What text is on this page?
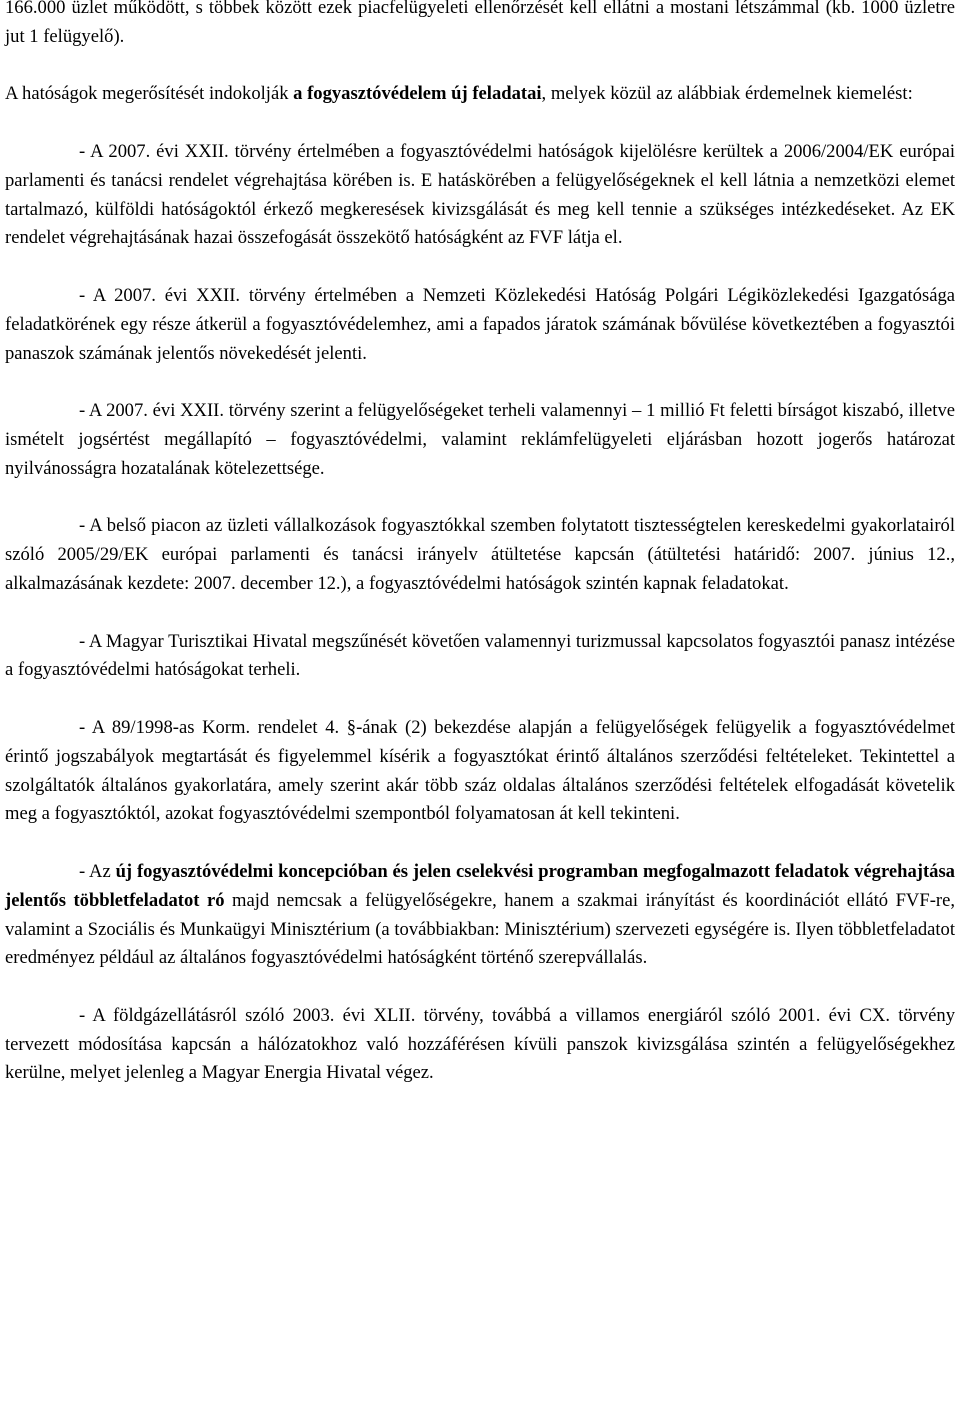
166.000 üzlet működött, s többek között ezek piacfelügyeleti ellenőrzését kell ellátni a mostani létszámmal (kb. 1000 üzletre jut 1 felügyelő).

A hatóságok megerősítését indokolják a fogyasztóvédelem új feladatai, melyek közül az alábbiak érdemelnek kiemelést:

- A 2007. évi XXII. törvény értelmében a fogyasztóvédelmi hatóságok kijelölésre kerültek a 2006/2004/EK európai parlamenti és tanácsi rendelet végrehajtása körében is. E hatáskörében a felügyelőségeknek el kell látnia a nemzetközi elemet tartalmazó, külföldi hatóságoktól érkező megkeresések kivizsgálását és meg kell tennie a szükséges intézkedéseket. Az EK rendelet végrehajtásának hazai összefogását összekötő hatóságként az FVF látja el.

- A 2007. évi XXII. törvény értelmében a Nemzeti Közlekedési Hatóság Polgári Légiközlekedési Igazgatósága feladatkörének egy része átkerül a fogyasztóvédelemhez, ami a fapados járatok számának bővülése következtében a fogyasztói panaszok számának jelentős növekedését jelenti.

- A 2007. évi XXII. törvény szerint a felügyelőségeket terheli valamennyi – 1 millió Ft feletti bírságot kiszabó, illetve ismételt jogsértést megállapító – fogyasztóvédelmi, valamint reklámfelügyeleti eljárásban hozott jogerős határozat nyilvánosságra hozatalának kötelezettsége.

- A belső piacon az üzleti vállalkozások fogyasztókkal szemben folytatott tisztességtelen kereskedelmi gyakorlatairól szóló 2005/29/EK európai parlamenti és tanácsi irányelv átültetése kapcsán (átültetési határidő: 2007. június 12., alkalmazásának kezdete: 2007. december 12.), a fogyasztóvédelmi hatóságok szintén kapnak feladatokat.

- A Magyar Turisztikai Hivatal megszűnését követően valamennyi turizmussal kapcsolatos fogyasztói panasz intézése a fogyasztóvédelmi hatóságokat terheli.

- A 89/1998-as Korm. rendelet 4. §-ának (2) bekezdése alapján a felügyelőségek felügyelik a fogyasztóvédelmet érintő jogszabályok megtartását és figyelemmel kísérik a fogyasztókat érintő általános szerződési feltételeket. Tekintettel a szolgáltatók általános gyakorlatára, amely szerint akár több száz oldalas általános szerződési feltételek elfogadását követelik meg a fogyasztóktól, azokat fogyasztóvédelmi szempontból folyamatosan át kell tekinteni.

- Az új fogyasztóvédelmi koncepcióban és jelen cselekvési programban megfogalmazott feladatok végrehajtása jelentős többletfeladatot ró majd nemcsak a felügyelőségekre, hanem a szakmai irányítást és koordinációt ellátó FVF-re, valamint a Szociális és Munkaügyi Minisztérium (a továbbiakban: Minisztérium) szervezeti egységére is. Ilyen többletfeladatot eredményez például az általános fogyasztóvédelmi hatóságként történő szerepvállalás.

- A földgázellátásról szóló 2003. évi XLII. törvény, továbbá a villamos energiáról szóló 2001. évi CX. törvény tervezett módosítása kapcsán a hálózatokhoz való hozzáférésen kívüli panszok kivizsgálása szintén a felügyelőségekhez kerülne, melyet jelenleg a Magyar Energia Hivatal végez.
